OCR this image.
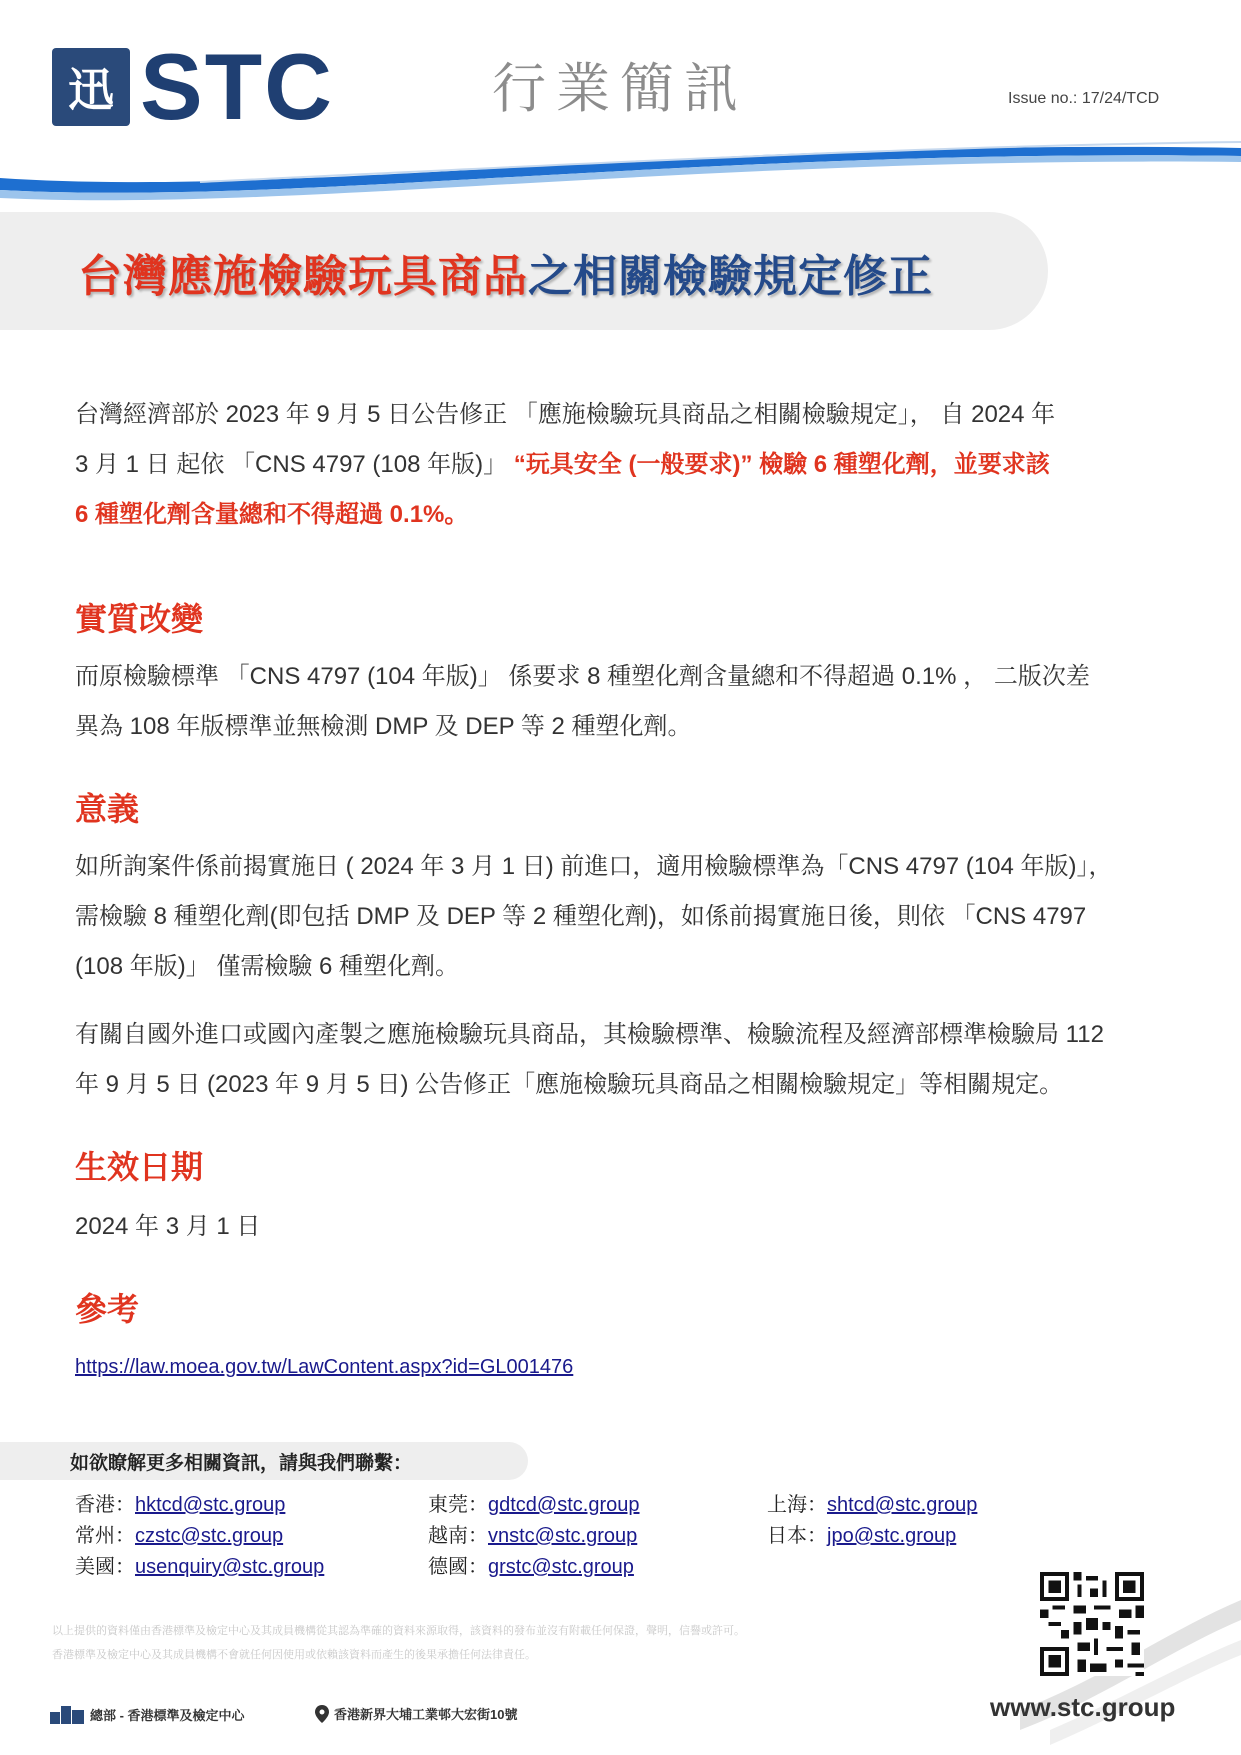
迅 STC	行業簡訊	Issue no.: 17/24/TCD
台灣應施檢驗玩具商品之相關檢驗規定修正
台灣經濟部於 2023 年 9 月 5 日公告修正 「應施檢驗玩具商品之相關檢驗規定」， 自 2024 年
3 月 1 日 起依 「CNS 4797 (108 年版)」 “玩具安全 (一般要求)” 檢驗 6 種塑化劑，並要求該
6 種塑化劑含量總和不得超過 0.1%。
實質改變
而原檢驗標準 「CNS 4797 (104 年版)」 係要求 8 種塑化劑含量總和不得超過 0.1% ， 二版次差
異為 108 年版標準並無檢測 DMP 及 DEP 等 2 種塑化劑。
意義
如所詢案件係前揭實施日 ( 2024 年 3 月 1 日) 前進口，適用檢驗標準為「CNS 4797 (104 年版)」，
需檢驗 8 種塑化劑(即包括 DMP 及 DEP 等 2 種塑化劑)，如係前揭實施日後，則依 「CNS 4797
(108 年版)」 僅需檢驗 6 種塑化劑。
有關自國外進口或國內產製之應施檢驗玩具商品，其檢驗標準、檢驗流程及經濟部標準檢驗局 112
年 9 月 5 日 (2023 年 9 月 5 日) 公告修正「應施檢驗玩具商品之相關檢驗規定」等相關規定。
生效日期
2024 年 3 月 1 日
參考
https://law.moea.gov.tw/LawContent.aspx?id=GL001476
如欲瞭解更多相關資訊，請與我們聯繫：
香港：hktcd@stc.group	東莞：gdtcd@stc.group	上海：shtcd@stc.group
常州：czstc@stc.group	越南：vnstc@stc.group	日本：jpo@stc.group
美國：usenquiry@stc.group	德國：grstc@stc.group
以上提供的資料僅由香港標準及檢定中心及其成員機構從其認為準確的資料來源取得，該資料的發布並沒有附載任何保證，聲明，信譽或許可。
香港標準及檢定中心及其成員機構不會就任何因使用或依賴該資料而產生的後果承擔任何法律責任。
總部 - 香港標準及檢定中心	香港新界大埔工業邨大宏街10號	www.stc.group
